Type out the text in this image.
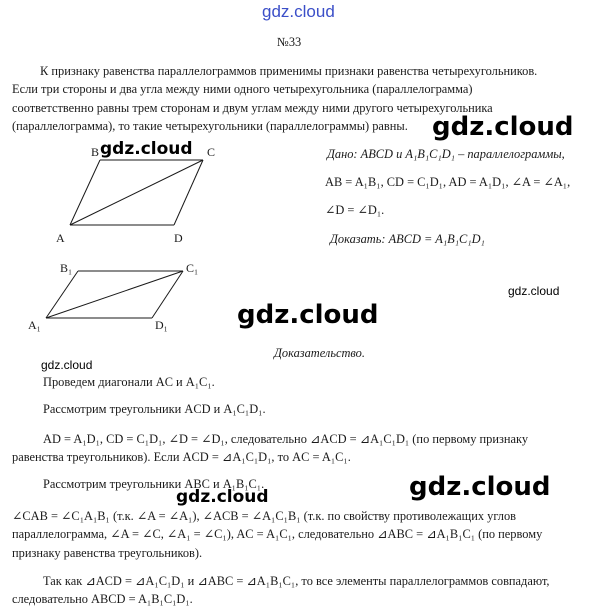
gdz.cloud
№33
К признаку равенства параллелограммов применимы признаки равенства четырехугольников.
Если три стороны и два угла между ними одного четырехугольника (параллелограмма)
соответственно равны трем сторонам и двум углам между ними другого четырехугольника
(параллелограмма), то такие четырехугольники (параллелограммы) равны.
B	C
A	D
B₁	C₁
A₁	D₁
Дано: ABCD и A₁B₁C₁D₁ – параллелограммы,
AB = A₁B₁, CD = C₁D₁, AD = A₁D₁, ∠A = ∠A₁,
∠D = ∠D₁.
Доказать: ABCD = A₁B₁C₁D₁
Доказательство.
Проведем диагонали AC и A₁C₁.
Рассмотрим треугольники ACD и A₁C₁D₁.
AD = A₁D₁, CD = C₁D₁, ∠D = ∠D₁, следовательно ⊿ACD = ⊿A₁C₁D₁ (по первому признаку
равенства треугольников). Если ACD = ⊿A₁C₁D₁, то AC = A₁C₁.
Рассмотрим треугольники ABC и A₁B₁C₁.
∠CAB = ∠C₁A₁B₁ (т.к. ∠A = ∠A₁), ∠ACB = ∠A₁C₁B₁ (т.к. по свойству противолежащих углов
параллелограмма, ∠A = ∠C, ∠A₁ = ∠C₁), AC = A₁C₁, следовательно ⊿ABC = ⊿A₁B₁C₁ (по первому
признаку равенства треугольников).
Так как ⊿ACD = ⊿A₁C₁D₁ и ⊿ABC = ⊿A₁B₁C₁, то все элементы параллелограммов совпадают,
следовательно ABCD = A₁B₁C₁D₁.
gdz.cloud
gdz.cloud
gdz.cloud
gdz.cloud
gdz.cloud
gdz.cloud	gdz.cloud
